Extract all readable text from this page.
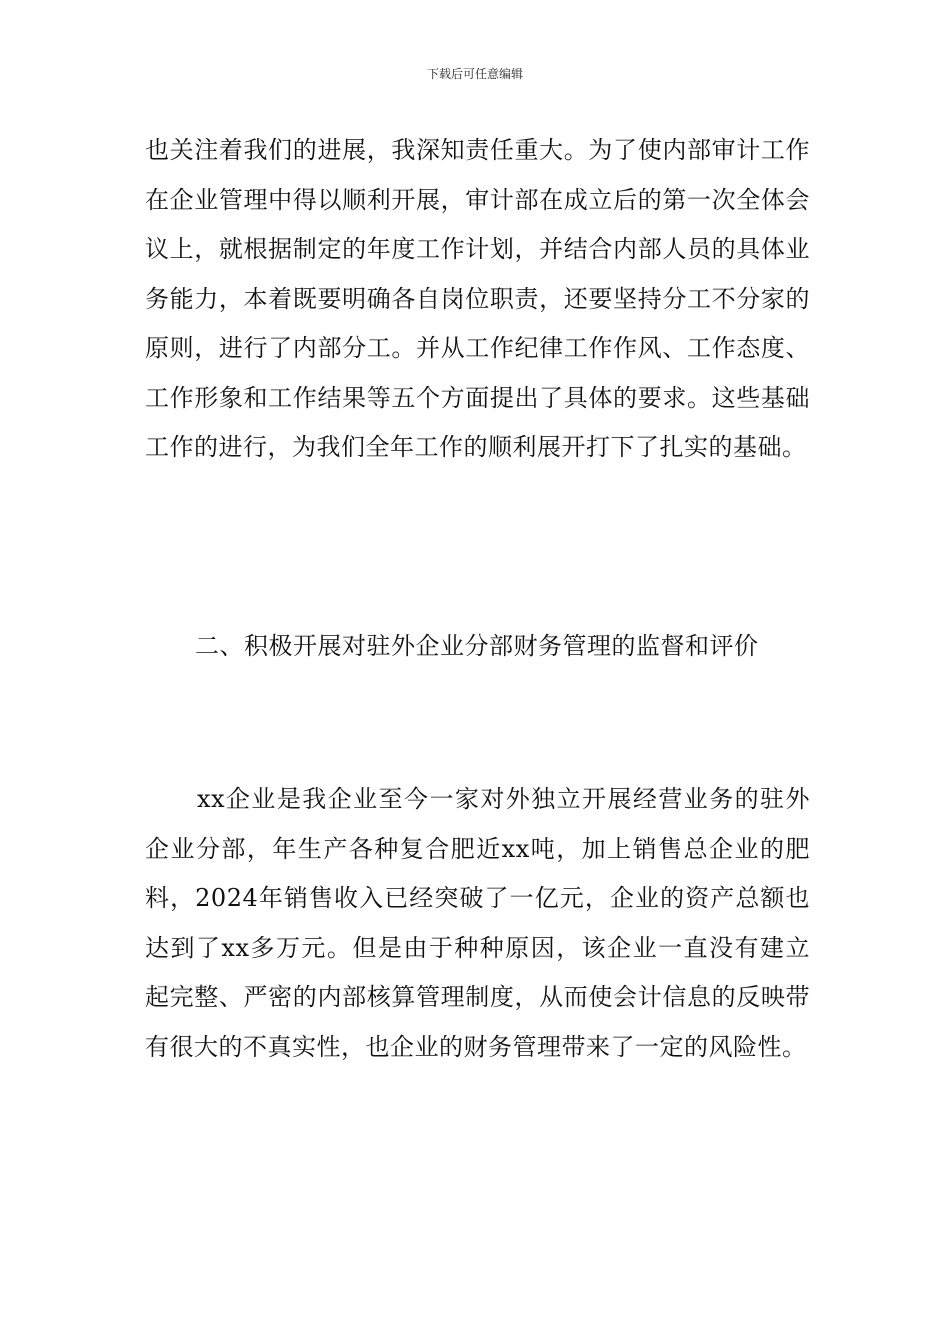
下载后可任意编辑

也关注着我们的进展，我深知责任重大。为了使内部审计工作在企业管理中得以顺利开展，审计部在成立后的第一次全体会议上，就根据制定的年度工作计划，并结合内部人员的具体业务能力，本着既要明确各自岗位职责，还要坚持分工不分家的原则，进行了内部分工。并从工作纪律工作作风、工作态度、工作形象和工作结果等五个方面提出了具体的要求。这些基础工作的进行，为我们全年工作的顺利展开打下了扎实的基础。

二、积极开展对驻外企业分部财务管理的监督和评价

xx企业是我企业至今一家对外独立开展经营业务的驻外企业分部，年生产各种复合肥近xx吨，加上销售总企业的肥料，2024年销售收入已经突破了一亿元，企业的资产总额也达到了xx多万元。但是由于种种原因，该企业一直没有建立起完整、严密的内部核算管理制度，从而使会计信息的反映带有很大的不真实性，也企业的财务管理带来了一定的风险性。
